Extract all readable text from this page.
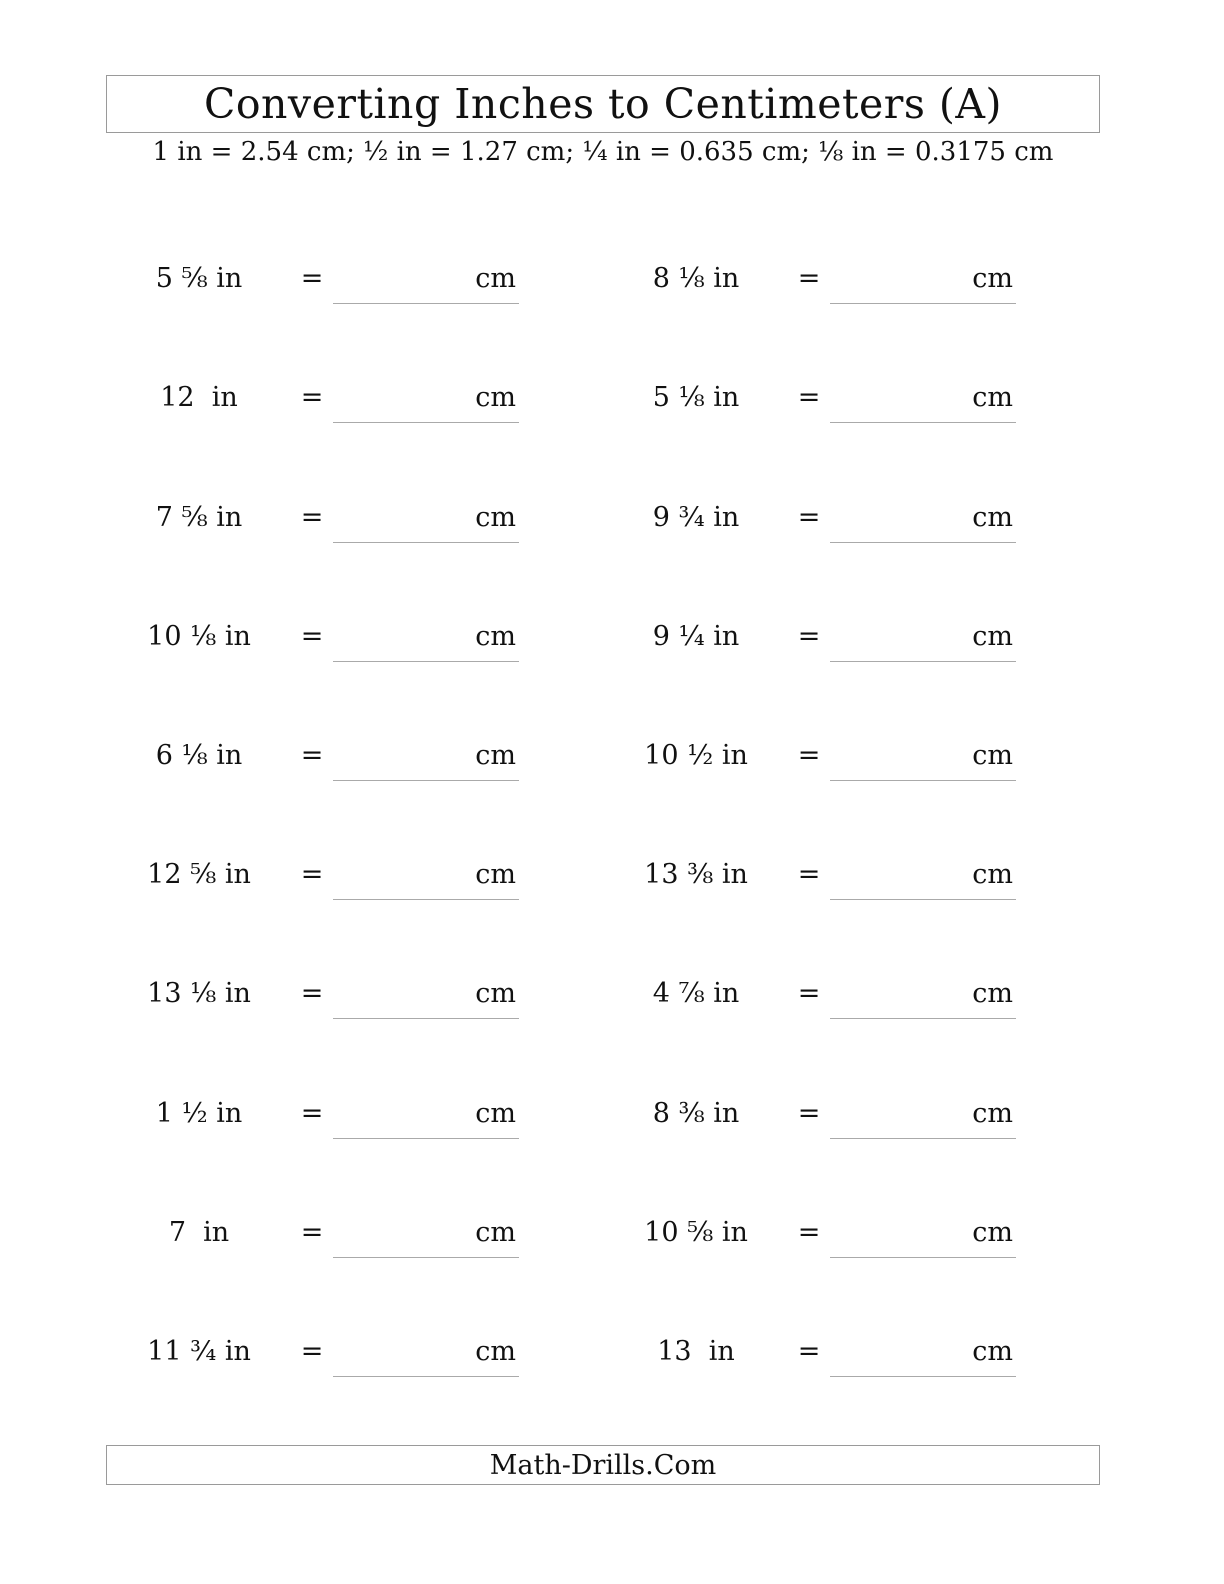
Converting Inches to Centimeters (A)
1 in = 2.54 cm; ½ in = 1.27 cm; ¼ in = 0.635 cm; ⅛ in = 0.3175 cm
5 ⅝ in	=	cm	8 ⅛ in	=	cm
12  in	=	cm	5 ⅛ in	=	cm
7 ⅝ in	=	cm	9 ¾ in	=	cm
10 ⅛ in	=	cm	9 ¼ in	=	cm
6 ⅛ in	=	cm	10 ½ in	=	cm
12 ⅝ in	=	cm	13 ⅜ in	=	cm
13 ⅛ in	=	cm	4 ⅞ in	=	cm
1 ½ in	=	cm	8 ⅜ in	=	cm
7  in	=	cm	10 ⅝ in	=	cm
11 ¾ in	=	cm	13  in	=	cm
Math-Drills.Com
